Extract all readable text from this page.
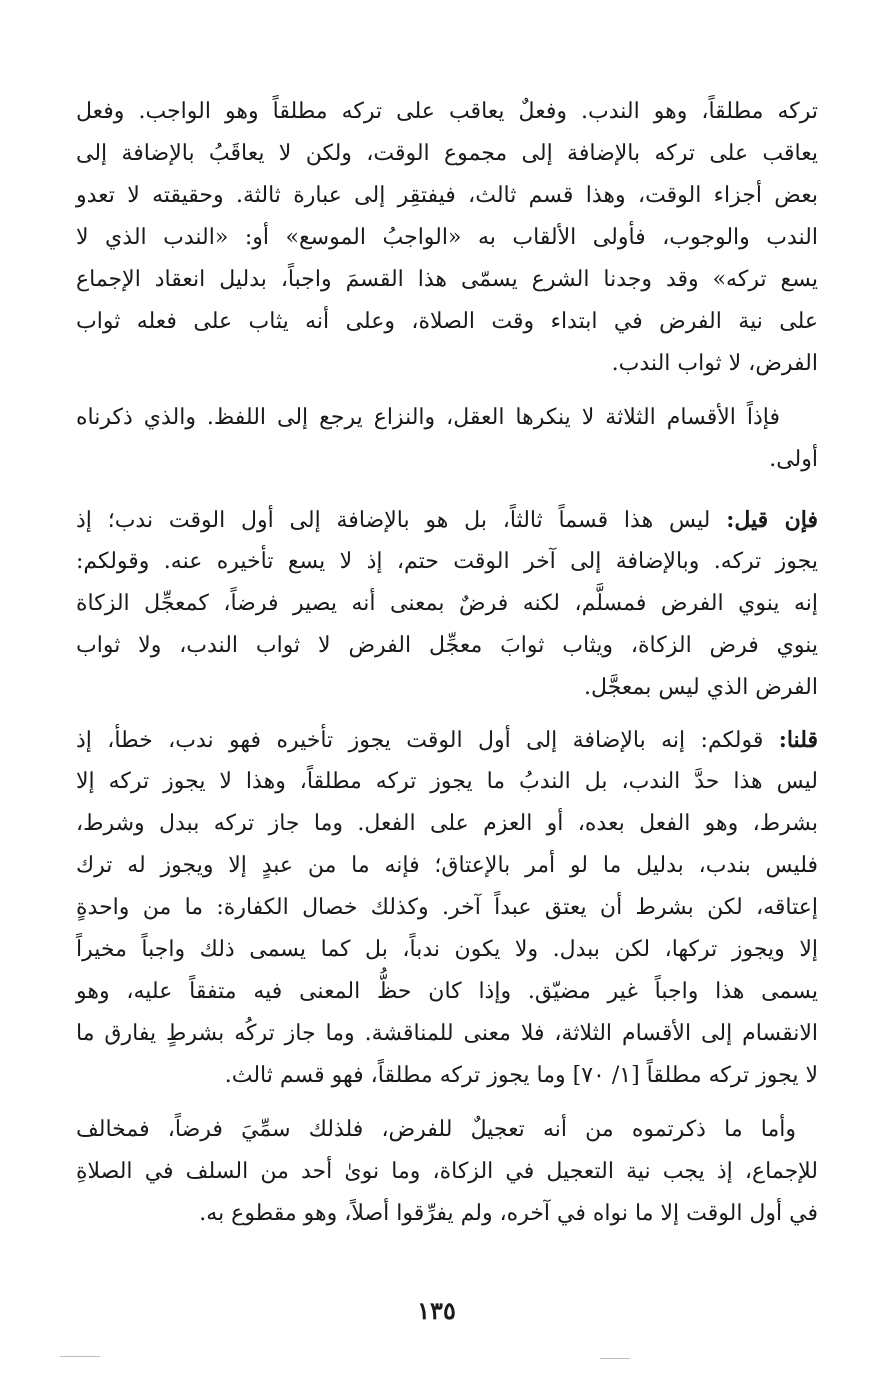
تركه مطلقاً، وهو الندب. وفعلٌ يعاقب على تركه مطلقاً وهو الواجب. وفعل
يعاقب على تركه بالإضافة إلى مجموع الوقت، ولكن لا يعاقَبُ بالإضافة إلى
بعض أجزاء الوقت، وهذا قسم ثالث، فيفتقِر إلى عبارة ثالثة. وحقيقته لا تعدو
الندب والوجوب، فأولى الألقاب به «الواجبُ الموسع» أو: «الندب الذي لا
يسع تركه» وقد وجدنا الشرع يسمّى هذا القسمَ واجباً، بدليل انعقاد الإجماع
على نية الفرض في ابتداء وقت الصلاة، وعلى أنه يثاب على فعله ثواب
الفرض، لا ثواب الندب.
فإذاً الأقسام الثلاثة لا ينكرها العقل، والنزاع يرجع إلى اللفظ. والذي ذكرناه
أولى.
فإن قيل: ليس هذا قسماً ثالثاً، بل هو بالإضافة إلى أول الوقت ندب؛ إذ
يجوز تركه. وبالإضافة إلى آخر الوقت حتم، إذ لا يسع تأخيره عنه. وقولكم:
إنه ينوي الفرض فمسلَّم، لكنه فرضٌ بمعنى أنه يصير فرضاً، كمعجِّل الزكاة
ينوي فرض الزكاة، ويثاب ثوابَ معجِّل الفرض لا ثواب الندب، ولا ثواب
الفرض الذي ليس بمعجَّل.
قلنا: قولكم: إنه بالإضافة إلى أول الوقت يجوز تأخيره فهو ندب، خطأ، إذ
ليس هذا حدَّ الندب، بل الندبُ ما يجوز تركه مطلقاً، وهذا لا يجوز تركه إلا
بشرط، وهو الفعل بعده، أو العزم على الفعل. وما جاز تركه ببدل وشرط،
فليس بندب، بدليل ما لو أمر بالإعتاق؛ فإنه ما من عبدٍ إلا ويجوز له ترك
إعتاقه، لكن بشرط أن يعتق عبداً آخر. وكذلك خصال الكفارة: ما من واحدةٍ
إلا ويجوز تركها، لكن ببدل. ولا يكون ندباً، بل كما يسمى ذلك واجباً مخيراً
يسمى هذا واجباً غير مضيّق. وإذا كان حظُّ المعنى فيه متفقاً عليه، وهو
الانقسام إلى الأقسام الثلاثة، فلا معنى للمناقشة. وما جاز تركُه بشرطٍ يفارق ما
لا يجوز تركه مطلقاً [١/ ٧٠] وما يجوز تركه مطلقاً، فهو قسم ثالث.
وأما ما ذكرتموه من أنه تعجيلٌ للفرض، فلذلك سمِّيَ فرضاً، فمخالف
للإجماع، إذ يجب نية التعجيل في الزكاة، وما نوىٰ أحد من السلف في الصلاةِ
في أول الوقت إلا ما نواه في آخره، ولم يفرِّقوا أصلاً، وهو مقطوع به.
١٣٥
